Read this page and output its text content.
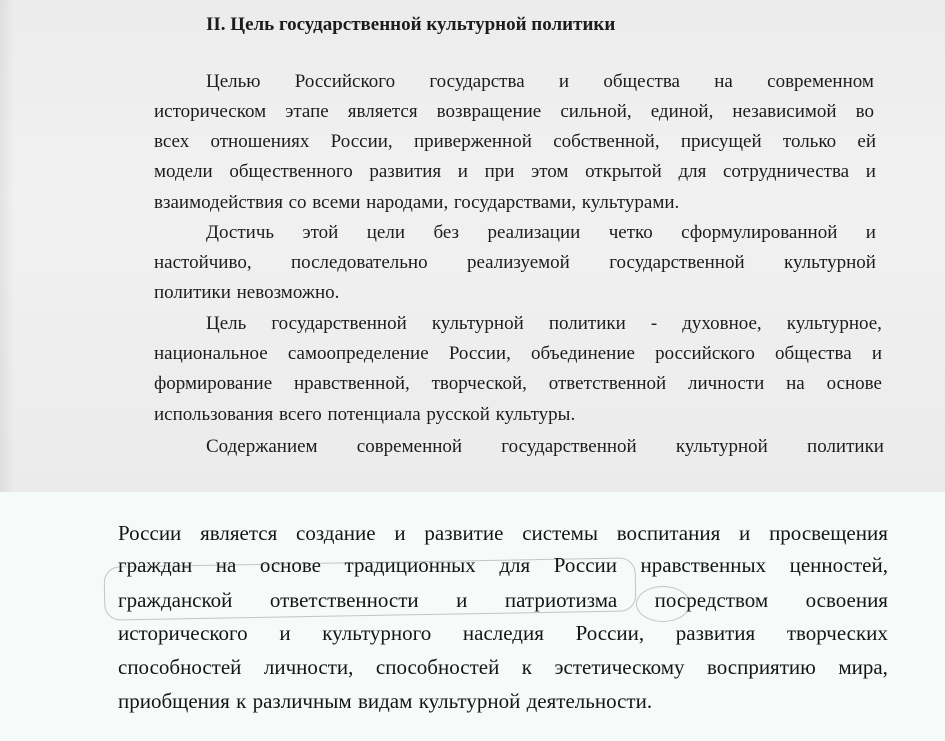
II. Цель государственной культурной политики
Целью Российского государства и общества на современном
историческом этапе является возвращение сильной, единой, независимой во
всех отношениях России, приверженной собственной, присущей только ей
модели общественного развития и при этом открытой для сотрудничества и
взаимодействия со всеми народами, государствами, культурами.
Достичь этой цели без реализации четко сформулированной и
настойчиво, последовательно реализуемой государственной культурной
политики невозможно.
Цель государственной культурной политики - духовное, культурное,
национальное самоопределение России, объединение российского общества и
формирование нравственной, творческой, ответственной личности на основе
использования всего потенциала русской культуры.
Содержанием современной государственной культурной политики
России является создание и развитие системы воспитания и просвещения
граждан на основе традиционных для России нравственных ценностей,
гражданской ответственности и патриотизма посредством освоения
исторического и культурного наследия России, развития творческих
способностей личности, способностей к эстетическому восприятию мира,
приобщения к различным видам культурной деятельности.
